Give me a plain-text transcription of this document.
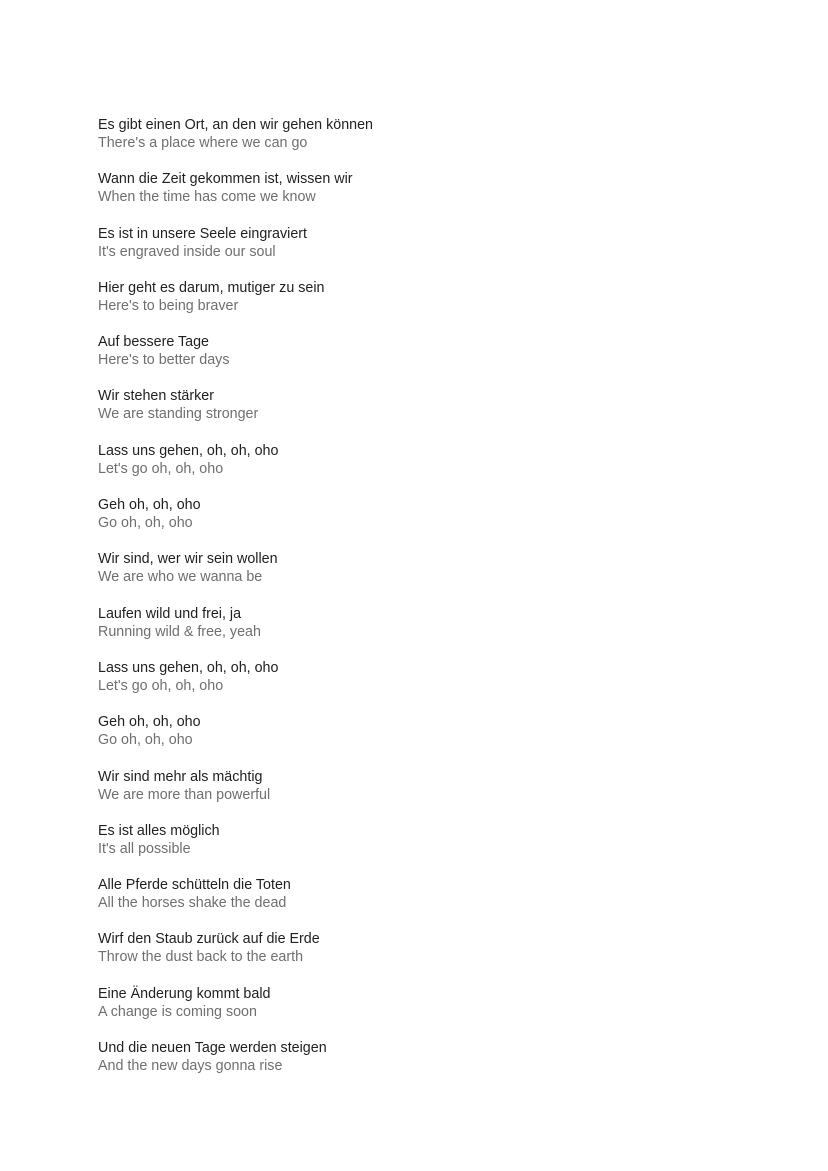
Es gibt einen Ort, an den wir gehen können

There's a place where we can go

Wann die Zeit gekommen ist, wissen wir

When the time has come we know

Es ist in unsere Seele eingraviert

It's engraved inside our soul

Hier geht es darum, mutiger zu sein

Here's to being braver

Auf bessere Tage

Here's to better days

Wir stehen stärker

We are standing stronger

Lass uns gehen, oh, oh, oho

Let's go oh, oh, oho

Geh oh, oh, oho

Go oh, oh, oho

Wir sind, wer wir sein wollen

We are who we wanna be

Laufen wild und frei, ja

Running wild & free, yeah

Lass uns gehen, oh, oh, oho

Let's go oh, oh, oho

Geh oh, oh, oho

Go oh, oh, oho

Wir sind mehr als mächtig

We are more than powerful

Es ist alles möglich

It's all possible

Alle Pferde schütteln die Toten

All the horses shake the dead

Wirf den Staub zurück auf die Erde

Throw the dust back to the earth

Eine Änderung kommt bald

A change is coming soon

Und die neuen Tage werden steigen

And the new days gonna rise
